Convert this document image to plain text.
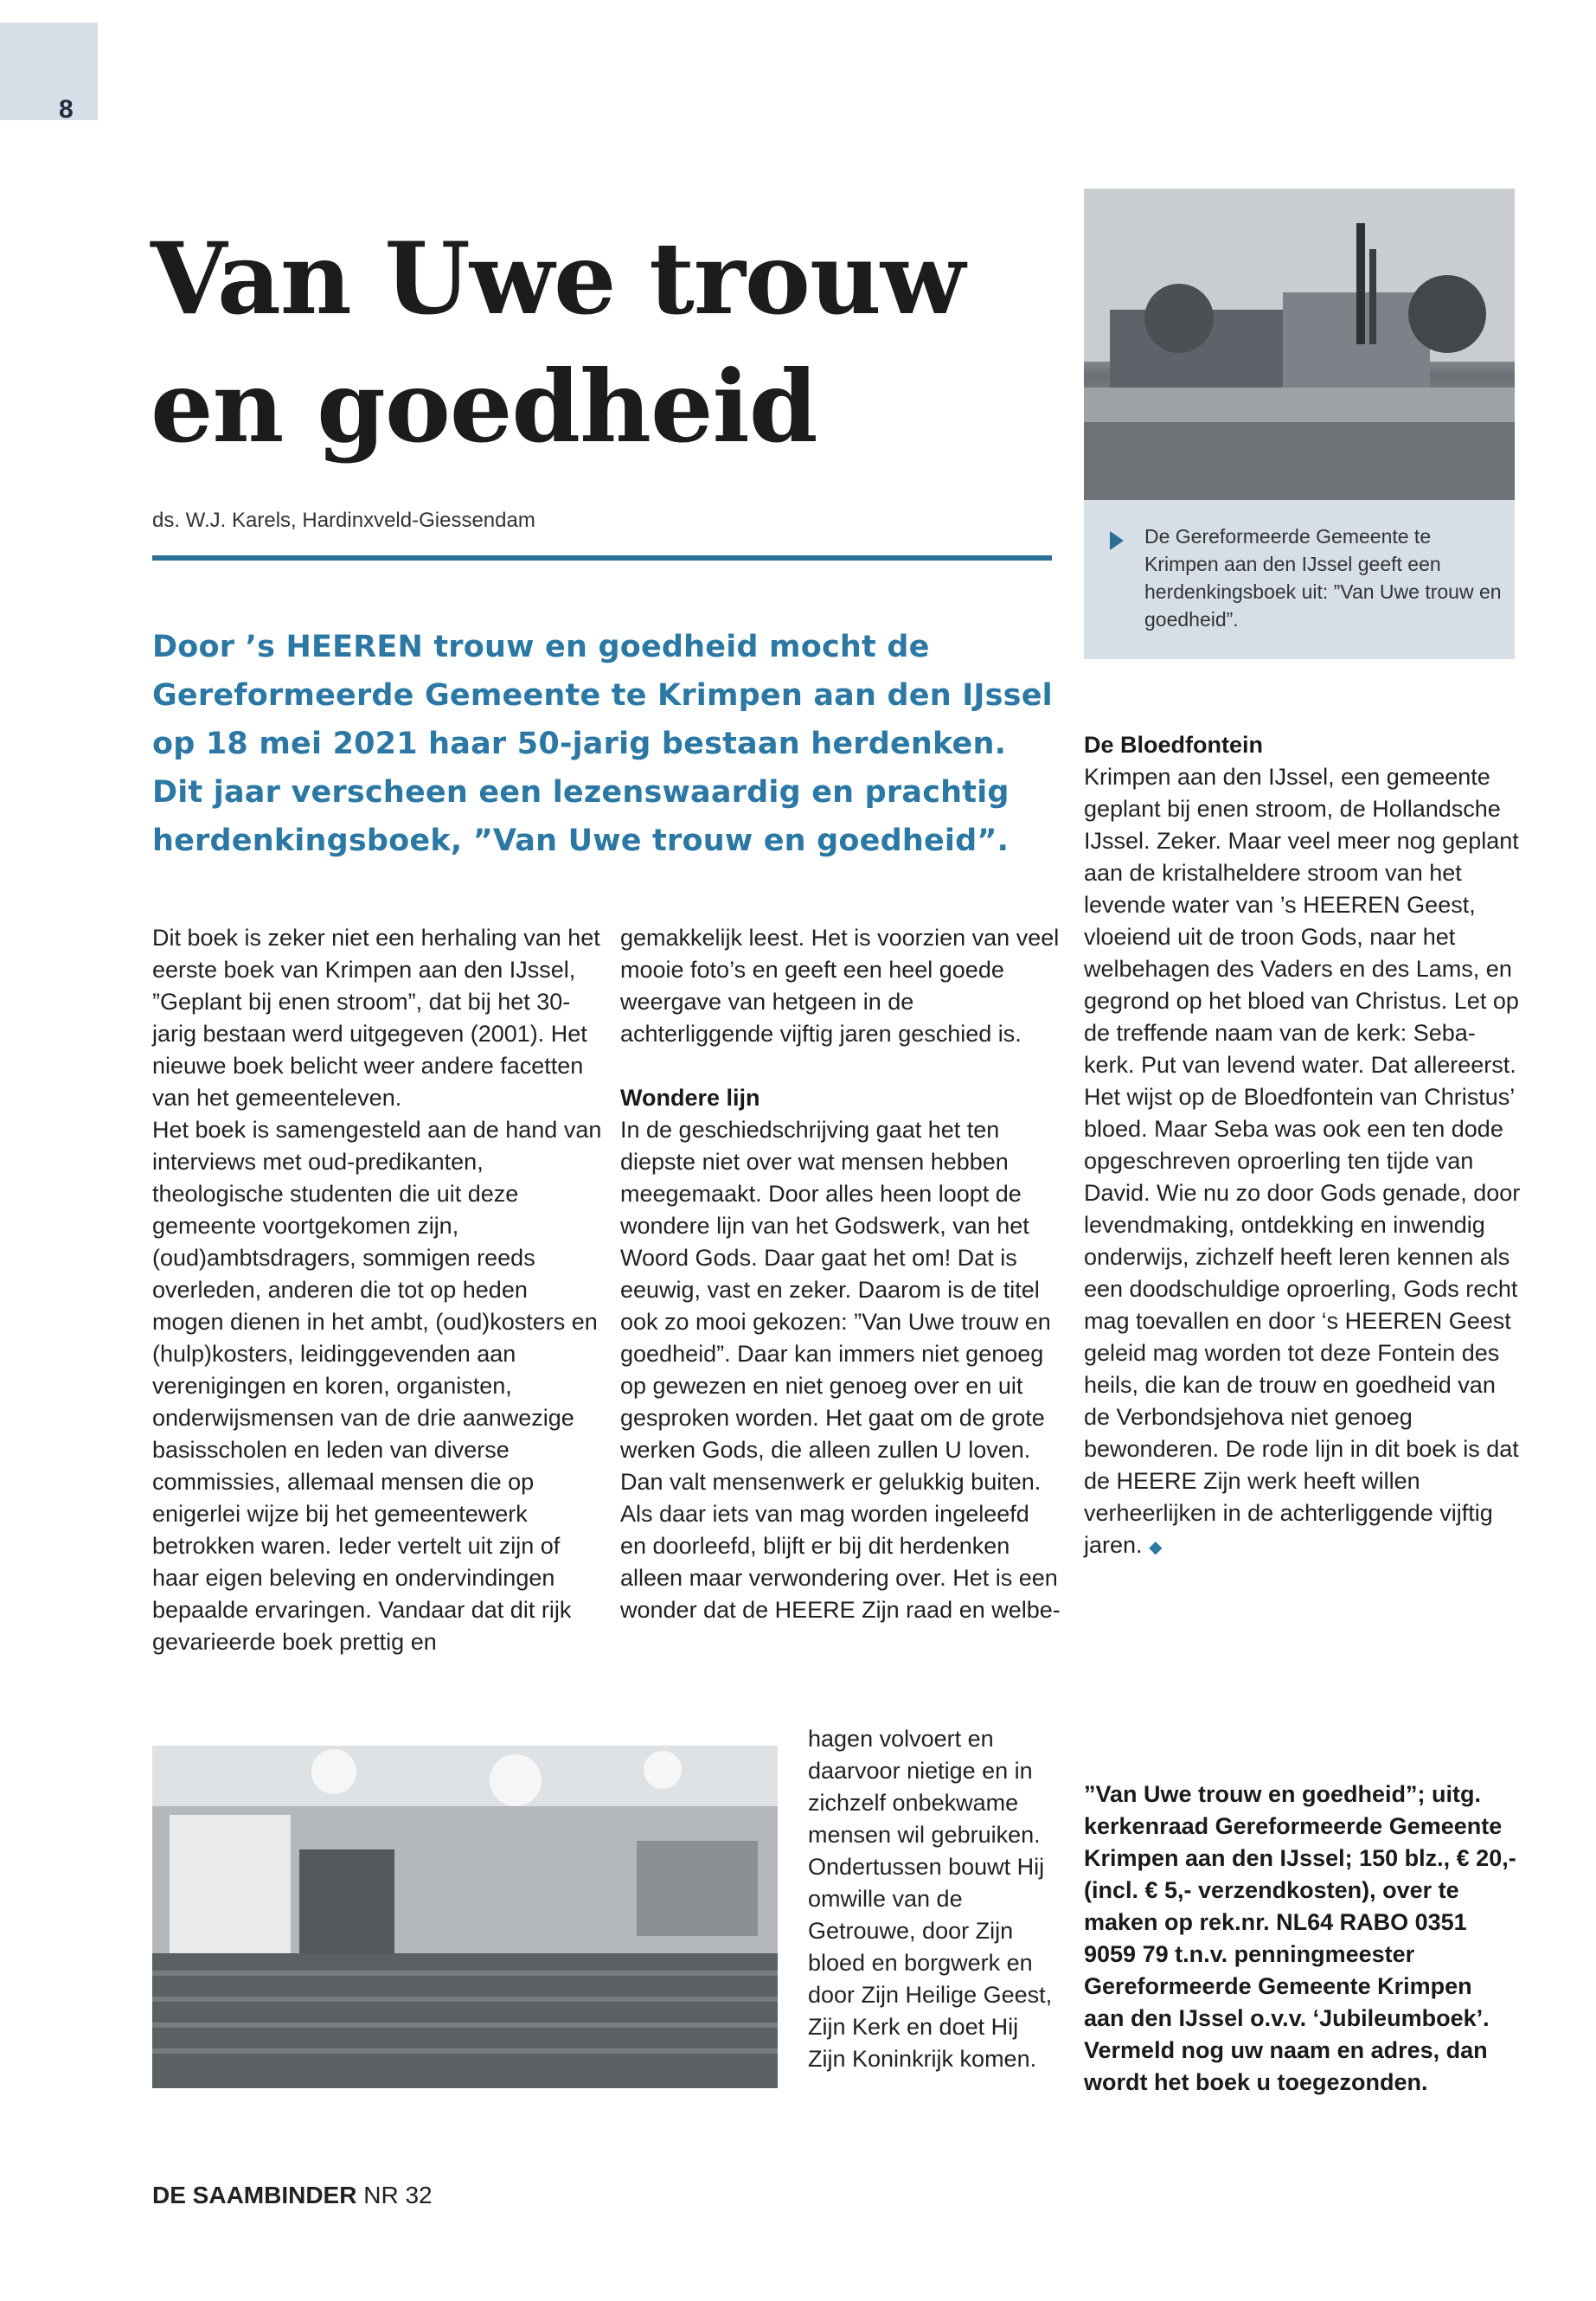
8
Van Uwe trouw
en goedheid

ds. W.J. Karels, Hardinxveld-Giessendam

Door ’s HEEREN trouw en goedheid mocht de Gereformeerde Gemeente te Krimpen aan den IJssel op 18 mei 2021 haar 50-jarig bestaan herdenken. Dit jaar verscheen een lezenswaardig en prachtig herdenkingsboek, ”Van Uwe trouw en goedheid”.

Dit boek is zeker niet een herhaling van het eerste boek van Krimpen aan den IJssel, ”Geplant bij enen stroom”, dat bij het 30-jarig bestaan werd uitgegeven (2001). Het nieuwe boek belicht weer andere facetten van het gemeenteleven.

Het boek is samengesteld aan de hand van interviews met oud-predikanten, theologische studenten die uit deze gemeente voortgekomen zijn, (oud)ambtsdragers, sommigen reeds overleden, anderen die tot op heden mogen dienen in het ambt, (oud)kosters en (hulp)kosters, leidinggevenden aan verenigingen en koren, organisten, onderwijsmensen van de drie aanwezige basisscholen en leden van diverse commissies, allemaal mensen die op enigerlei wijze bij het gemeentewerk betrokken waren. Ieder vertelt uit zijn of haar eigen beleving en ondervindingen bepaalde ervaringen. Vandaar dat dit rijk gevarieerde boek prettig en

gemakkelijk leest. Het is voorzien van veel mooie foto’s en geeft een heel goede weergave van hetgeen in de achterliggende vijftig jaren geschied is.

Wondere lijn

In de geschiedschrijving gaat het ten diepste niet over wat mensen hebben meegemaakt. Door alles heen loopt de wondere lijn van het Godswerk, van het Woord Gods. Daar gaat het om! Dat is eeuwig, vast en zeker. Daarom is de titel ook zo mooi gekozen: ”Van Uwe trouw en goedheid”. Daar kan immers niet genoeg op gewezen en niet genoeg over en uit gesproken worden. Het gaat om de grote werken Gods, die alleen zullen U loven. Dan valt mensenwerk er gelukkig buiten. Als daar iets van mag worden ingeleefd en doorleefd, blijft er bij dit herdenken alleen maar verwondering over. Het is een wonder dat de HEERE Zijn raad en welbe-

hagen volvoert en daarvoor nietige en in zichzelf onbekwame mensen wil gebruiken. Ondertussen bouwt Hij omwille van de Getrouwe, door Zijn bloed en borgwerk en door Zijn Heilige Geest, Zijn Kerk en doet Hij Zijn Koninkrijk komen.

De Gereformeerde Gemeente te Krimpen aan den IJssel geeft een herdenkingsboek uit: ”Van Uwe trouw en goedheid”.

De Bloedfontein

Krimpen aan den IJssel, een gemeente geplant bij enen stroom, de Hollandsche IJssel. Zeker. Maar veel meer nog geplant aan de kristalheldere stroom van het levende water van ’s HEEREN Geest, vloeiend uit de troon Gods, naar het welbehagen des Vaders en des Lams, en gegrond op het bloed van Christus. Let op de treffende naam van de kerk: Seba-kerk. Put van levend water. Dat allereerst. Het wijst op de Bloedfontein van Christus’ bloed. Maar Seba was ook een ten dode opgeschreven oproerling ten tijde van David. Wie nu zo door Gods genade, door levendmaking, ontdekking en inwendig onderwijs, zichzelf heeft leren kennen als een doodschuldige oproerling, Gods recht mag toevallen en door ‘s HEEREN Geest geleid mag worden tot deze Fontein des heils, die kan de trouw en goedheid van de Verbondsjehova niet genoeg bewonderen. De rode lijn in dit boek is dat de HEERE Zijn werk heeft willen verheerlijken in de achterliggende vijftig jaren. ◆

”Van Uwe trouw en goedheid”; uitg. kerkenraad Gereformeerde Gemeente Krimpen aan den IJssel; 150 blz., € 20,- (incl. € 5,- verzendkosten), over te maken op rek.nr. NL64 RABO 0351 9059 79 t.n.v. penningmeester Gereformeerde Gemeente Krimpen aan den IJssel o.v.v. ‘Jubileumboek’. Vermeld nog uw naam en adres, dan wordt het boek u toegezonden.

DE SAAMBINDER NR 32
